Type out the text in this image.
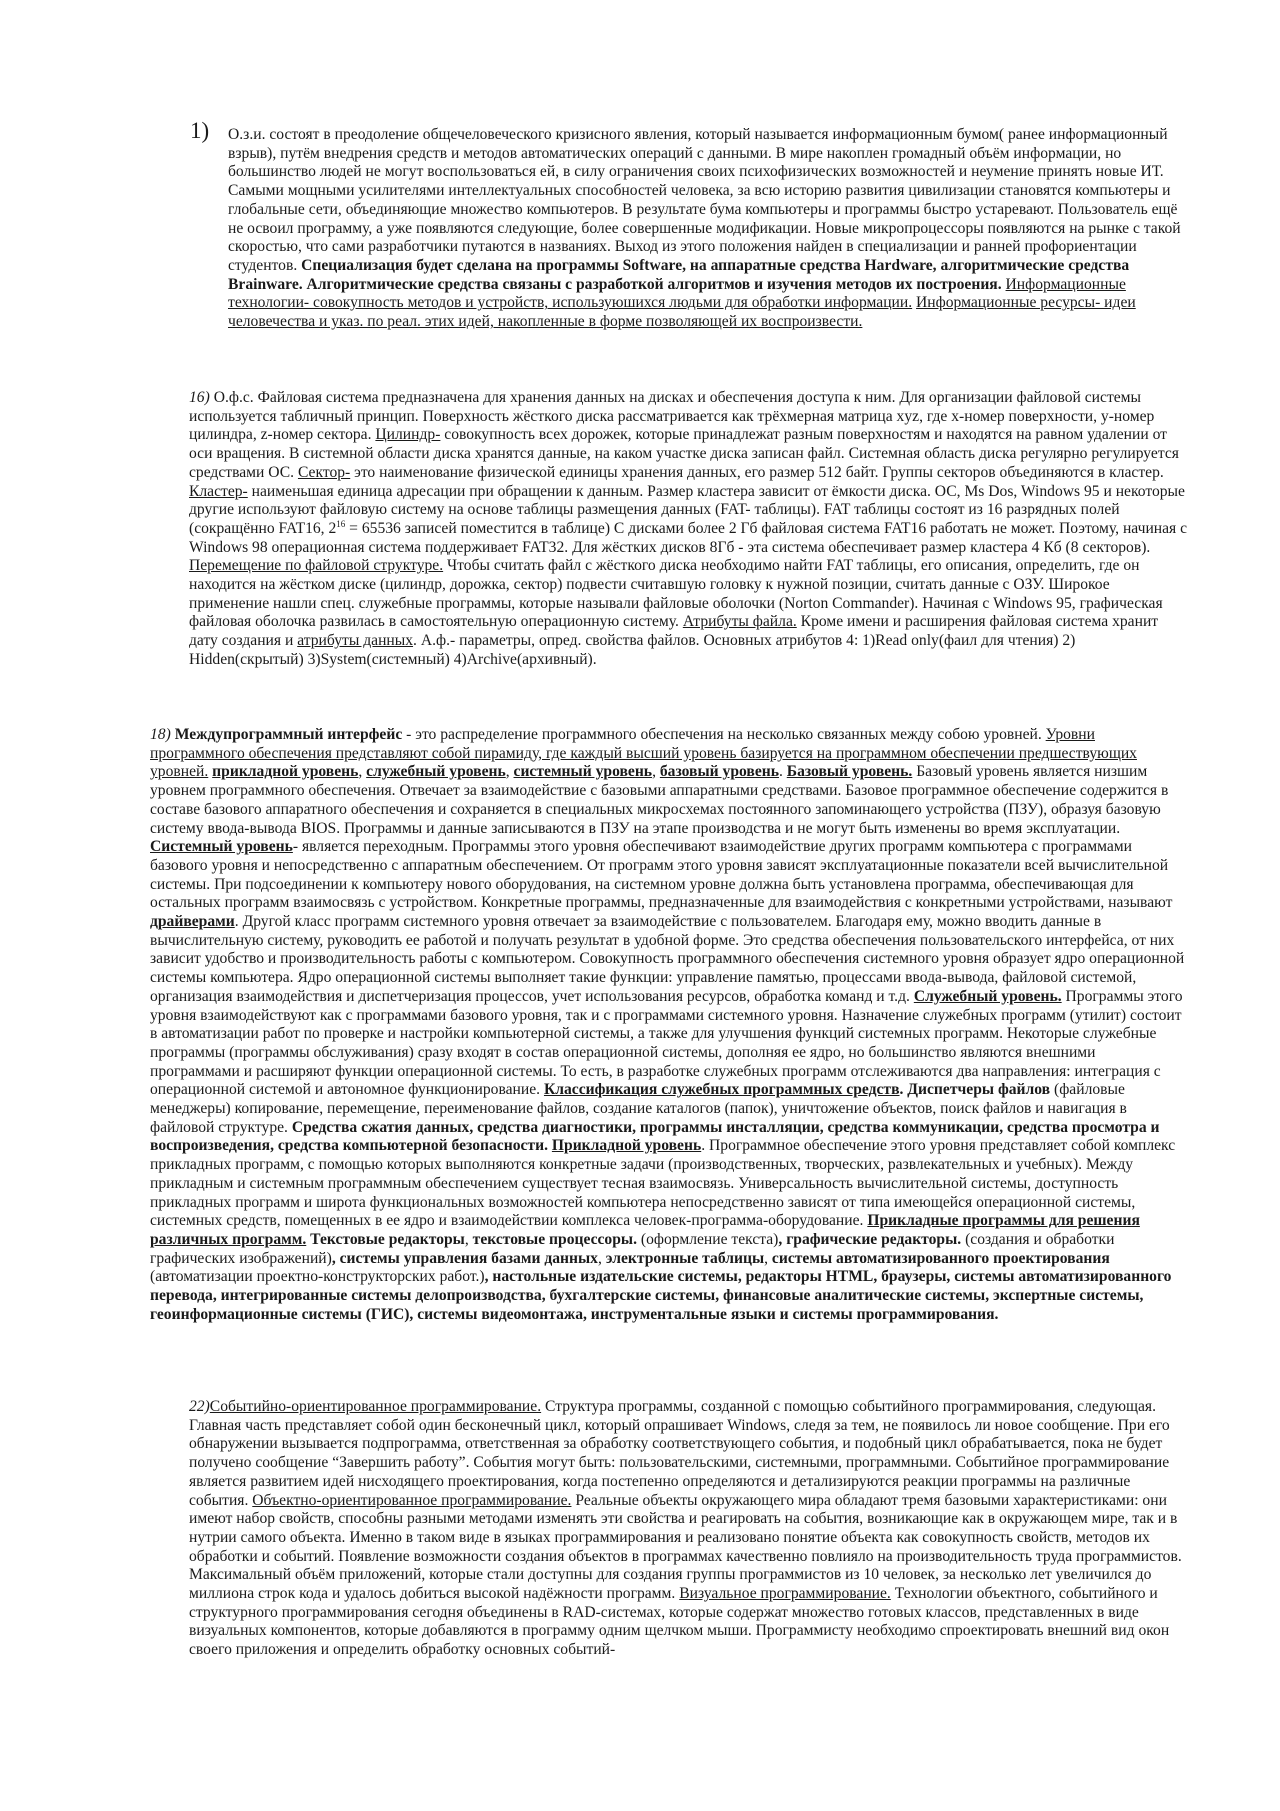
1) О.з.и. состоят в преодоление общечеловеческого кризисного явления, который называется информационным бумом( ранее информационный взрыв), путём внедрения средств и методов автоматических операций с данными. В мире накоплен громадный объём информации, но большинство людей не могут воспользоваться ей, в силу ограничения своих психофизических возможностей и неумение принять новые ИТ. Самыми мощными усилителями интеллектуальных способностей человека, за всю историю развития цивилизации становятся компьютеры и глобальные сети, объединяющие множество компьютеров. В результате бума компьютеры и программы быстро устаревают. Пользователь ещё не освоил программу, а уже появляются следующие, более совершенные модификации. Новые микропроцессоры появляются на рынке с такой скоростью, что сами разработчики путаются в названиях. Выход из этого положения найден в специализации и ранней профориентации студентов. Специализация будет сделана на программы Software, на аппаратные средства Hardware, алгоритмические средства Brainware. Алгоритмические средства связаны с разработкой алгоритмов и изучения методов их построения. Информационные технологии- совокупность методов и устройств, используюшихся людьми для обработки информации. Информационные ресурсы- идеи человечества и указ. по реал. этих идей, накопленные в форме позволяющей их воспроизвести.
16) О.ф.с. Файловая система предназначена для хранения данных на дисках и обеспечения доступа к ним. Для организации файловой системы используется табличный принцип. Поверхность жёсткого диска рассматривается как трёхмерная матрица xyz, где x-номер поверхности, y-номер цилиндра, z-номер сектора. Цилиндр- совокупность всех дорожек, которые принадлежат разным поверхностям и находятся на равном удалении от оси вращения. В системной области диска хранятся данные, на каком участке диска записан файл. Системная область диска регулярно регулируется средствами ОС. Сектор- это наименование физической единицы хранения данных, его размер 512 байт. Группы секторов объединяются в кластер. Кластер- наименьшая единица адресации при обращении к данным. Размер кластера зависит от ёмкости диска. ОС, Ms Dos, Windows 95 и некоторые другие используют файловую систему на основе таблицы размещения данных (FAT- таблицы). FAT таблицы состоят из 16 разрядных полей (сокращённо FAT16, $2^{16} = 65536$ записей поместится в таблице) С дисками более 2 Гб файловая система FAT16 работать не может. Поэтому, начиная с Windows 98 операционная система поддерживает FAT32. Для жёстких дисков 8Гб - эта система обеспечивает размер кластера 4 Кб (8 секторов). Перемещение по файловой структуре. Чтобы считать файл с жёсткого диска необходимо найти FAT таблицы, его описания, определить, где он находится на жёстком диске (цилиндр, дорожка, сектор) подвести считавшую головку к нужной позиции, считать данные с ОЗУ. Широкое применение нашли спец. служебные программы, которые называли файловые оболочки (Norton Commander). Начиная с Windows 95, графическая файловая оболочка развилась в самостоятельную операционную систему. Атрибуты файла. Кроме имени и расширения файловая система хранит дату создания и атрибуты данных. А.ф.- параметры, опред. свойства файлов. Основных атрибутов 4: 1)Read only(фаил для чтения) 2) Hidden(скрытый) 3)System(системный) 4)Archive(архивный).
18) Междупрограммный интерфейс - это распределение программного обеспечения на несколько связанных между собою уровней. Уровни программного обеспечения представляют собой пирамиду, где каждый высший уровень базируется на программном обеспечении предшествующих уровней. прикладной уровень, служебный уровень, системный уровень, базовый уровень. Базовый уровень. Базовый уровень является низшим уровнем программного обеспечения. Отвечает за взаимодействие с базовыми аппаратными средствами. Базовое программное обеспечение содержится в составе базового аппаратного обеспечения и сохраняется в специальных микросхемах постоянного запоминающего устройства (ПЗУ), образуя базовую систему ввода-вывода BIOS. Программы и данные записываются в ПЗУ на этапе производства и не могут быть изменены во время эксплуатации. Системный уровень- является переходным. Программы этого уровня обеспечивают взаимодействие других программ компьютера с программами базового уровня и непосредственно с аппаратным обеспечением. От программ этого уровня зависят эксплуатационные показатели всей вычислительной системы. При подсоединении к компьютеру нового оборудования, на системном уровне должна быть установлена программа, обеспечивающая для остальных программ взаимосвязь с устройством. Конкретные программы, предназначенные для взаимодействия с конкретными устройствами, называют драйверами. Другой класс программ системного уровня отвечает за взаимодействие с пользователем. Благодаря ему, можно вводить данные в вычислительную систему, руководить ее работой и получать результат в удобной форме. Это средства обеспечения пользовательского интерфейса, от них зависит удобство и производительность работы с компьютером. Совокупность программного обеспечения системного уровня образует ядро операционной системы компьютера. Ядро операционной системы выполняет такие функции: управление памятью, процессами ввода-вывода, файловой системой, организация взаимодействия и диспетчеризация процессов, учет использования ресурсов, обработка команд и т.д. Служебный уровень. Программы этого уровня взаимодействуют как с программами базового уровня, так и с программами системного уровня. Назначение служебных программ (утилит) состоит в автоматизации работ по проверке и настройки компьютерной системы, а также для улучшения функций системных программ. Некоторые служебные программы (программы обслуживания) сразу входят в состав операционной системы, дополняя ее ядро, но большинство являются внешними программами и расширяют функции операционной системы. То есть, в разработке служебных программ отслеживаются два направления: интеграция с операционной системой и автономное функционирование. Классификация служебных программных средств. Диспетчеры файлов (файловые менеджеры) копирование, перемещение, переименование файлов, создание каталогов (папок), уничтожение объектов, поиск файлов и навигация в файловой структуре. Средства сжатия данных, средства диагностики, программы инсталляции, средства коммуникации, средства просмотра и воспроизведения, средства компьютерной безопасности. Прикладной уровень. Программное обеспечение этого уровня представляет собой комплекс прикладных программ, с помощью которых выполняются конкретные задачи (производственных, творческих, развлекательных и учебных). Между прикладным и системным программным обеспечением существует тесная взаимосвязь. Универсальность вычислительной системы, доступность прикладных программ и широта функциональных возможностей компьютера непосредственно зависят от типа имеющейся операционной системы, системных средств, помещенных в ее ядро и взаимодействии комплекса человек-программа-оборудование. Прикладные программы для решения различных программ. Текстовые редакторы, текстовые процессоры. (оформление текста), графические редакторы. (создания и обработки графических изображений), системы управления базами данных, электронные таблицы, системы автоматизированного проектирования (автоматизации проектно-конструкторских работ.), настольные издательские системы, редакторы HTML, браузеры, системы автоматизированного перевода, интегрированные системы делопроизводства, бухгалтерские системы, финансовые аналитические системы, экспертные системы, геоинформационные системы (ГИС), системы видеомонтажа, инструментальные языки и системы программирования.
22)Событийно-ориентированное программирование. Структура программы, созданной с помощью событийного программирования, следующая. Главная часть представляет собой один бесконечный цикл, который опрашивает Windows, следя за тем, не появилось ли новое сообщение. При его обнаружении вызывается подпрограмма, ответственная за обработку соответствующего события, и подобный цикл обрабатывается, пока не будет получено сообщение “Завершить работу”. События могут быть: пользовательскими, системными, программными. Событийное программирование является развитием идей нисходящего проектирования, когда постепенно определяются и детализируются реакции программы на различные события. Объектно-ориентированное программирование. Реальные объекты окружающего мира обладают тремя базовыми характеристиками: они имеют набор свойств, способны разными методами изменять эти свойства и реагировать на события, возникающие как в окружающем мире, так и в нутрии самого объекта. Именно в таком виде в языках программирования и реализовано понятие объекта как совокупность свойств, методов их обработки и событий. Появление возможности создания объектов в программах качественно повлияло на производительность труда программистов. Максимальный объём приложений, которые стали доступны для создания группы программистов из 10 человек, за несколько лет увеличился до миллиона строк кода и удалось добиться высокой надёжности программ. Визуальное программирование. Технологии объектного, событийного и структурного программирования сегодня объединены в RAD-системах, которые содержат множество готовых классов, представленных в виде визуальных компонентов, которые добавляются в программу одним щелчком мыши. Программисту необходимо спроектировать внешний вид окон своего приложения и определить обработку основных событий-
